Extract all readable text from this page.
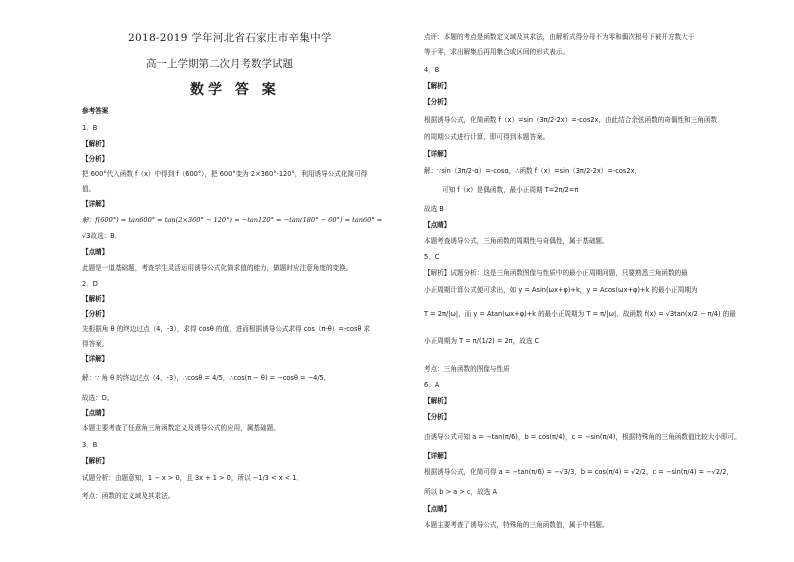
2018-2019 学年河北省石家庄市辛集中学
高一上学期第二次月考数学试题
数学 答 案
参考答案
1．B
【解析】
【分析】
把 600°代入函数 f（x）中得到 f（600°），把 600°变为 2×360°-120°，利用诱导公式化简可得
值。
【详解】
解：f(600°) = tan600° = tan(2×360° − 120°) = −tan120° = −tan(180° − 60°) = tan60° =
√3故选：B．
【点睛】
此题是一道基础题，考查学生灵活运用诱导公式化简求值的能力，做题时应注意角度的变换。
2．D
【解析】
【分析】
先根据角 θ 的终边过点（4，-3），求得 cosθ 的值，进而根据诱导公式求得 cos（π-θ）=-cosθ 求
得答案。
【详解】
解：∵ 角 θ 的终边过点（4，-3），∴cosθ = 4/5，∴cos(π − θ) = −cosθ = −4/5，
故选：D。
【点睛】
本题主要考查了任意角三角函数定义及诱导公式的应用，属基础题。
3．B
【解析】
试题分析：由题意知，1 − x > 0，且 3x + 1 > 0，所以 −1/3 < x < 1．
考点：函数的定义域及其求法。
点评：本题的考点是函数定义域及其求法，由解析式得分母不为零和偶次根号下被开方数大于
等于零，求出解集后再用集合或区间的形式表示。
4．B
【解析】
【分析】
根据诱导公式，化简函数 f（x）=sin（3π/2-2x）=-cos2x，由此结合余弦函数的奇偶性和三角函数
的周期公式进行计算，即可得到本题答案。
【详解】
解：∵sin（3π/2-α）=-cosα，∴函数 f（x）=sin（3π/2-2x）=-cos2x，
可知 f（x）是偶函数，最小正周期 T=2π/2=π
故选 B
【点睛】
本题考查诱导公式，三角函数的周期性与奇偶性，属于基础题。
5．C
【解析】试题分析：这是三角函数图像与性质中的最小正周期问题，只要熟悉三角函数的最
小正周期计算公式便可求出，如 y = Asin(ωx+φ)+k，y = Acos(ωx+φ)+k 的最小正周期为
T = 2π/|ω|，而 y = Atan(ωx+φ)+k 的最小正周期为 T = π/|ω|，故函数 f(x) = √3tan(x/2 − π/4) 的最
小正周期为 T = π/(1/2) = 2π，故选 C
考点：三角函数的图像与性质
6．A
【解析】
【分析】
由诱导公式可知 a = −tan(π/6)，b = cos(π/4)，c = −sin(π/4)，根据特殊角的三角函数值比较大小即可。
【详解】
根据诱导公式，化简可得 a = −tan(π/6) = −√3/3，b = cos(π/4) = √2/2，c = −sin(π/4) = −√2/2，
所以 b > a > c，故选 A
【点睛】
本题主要考查了诱导公式，特殊角的三角函数值，属于中档题。
